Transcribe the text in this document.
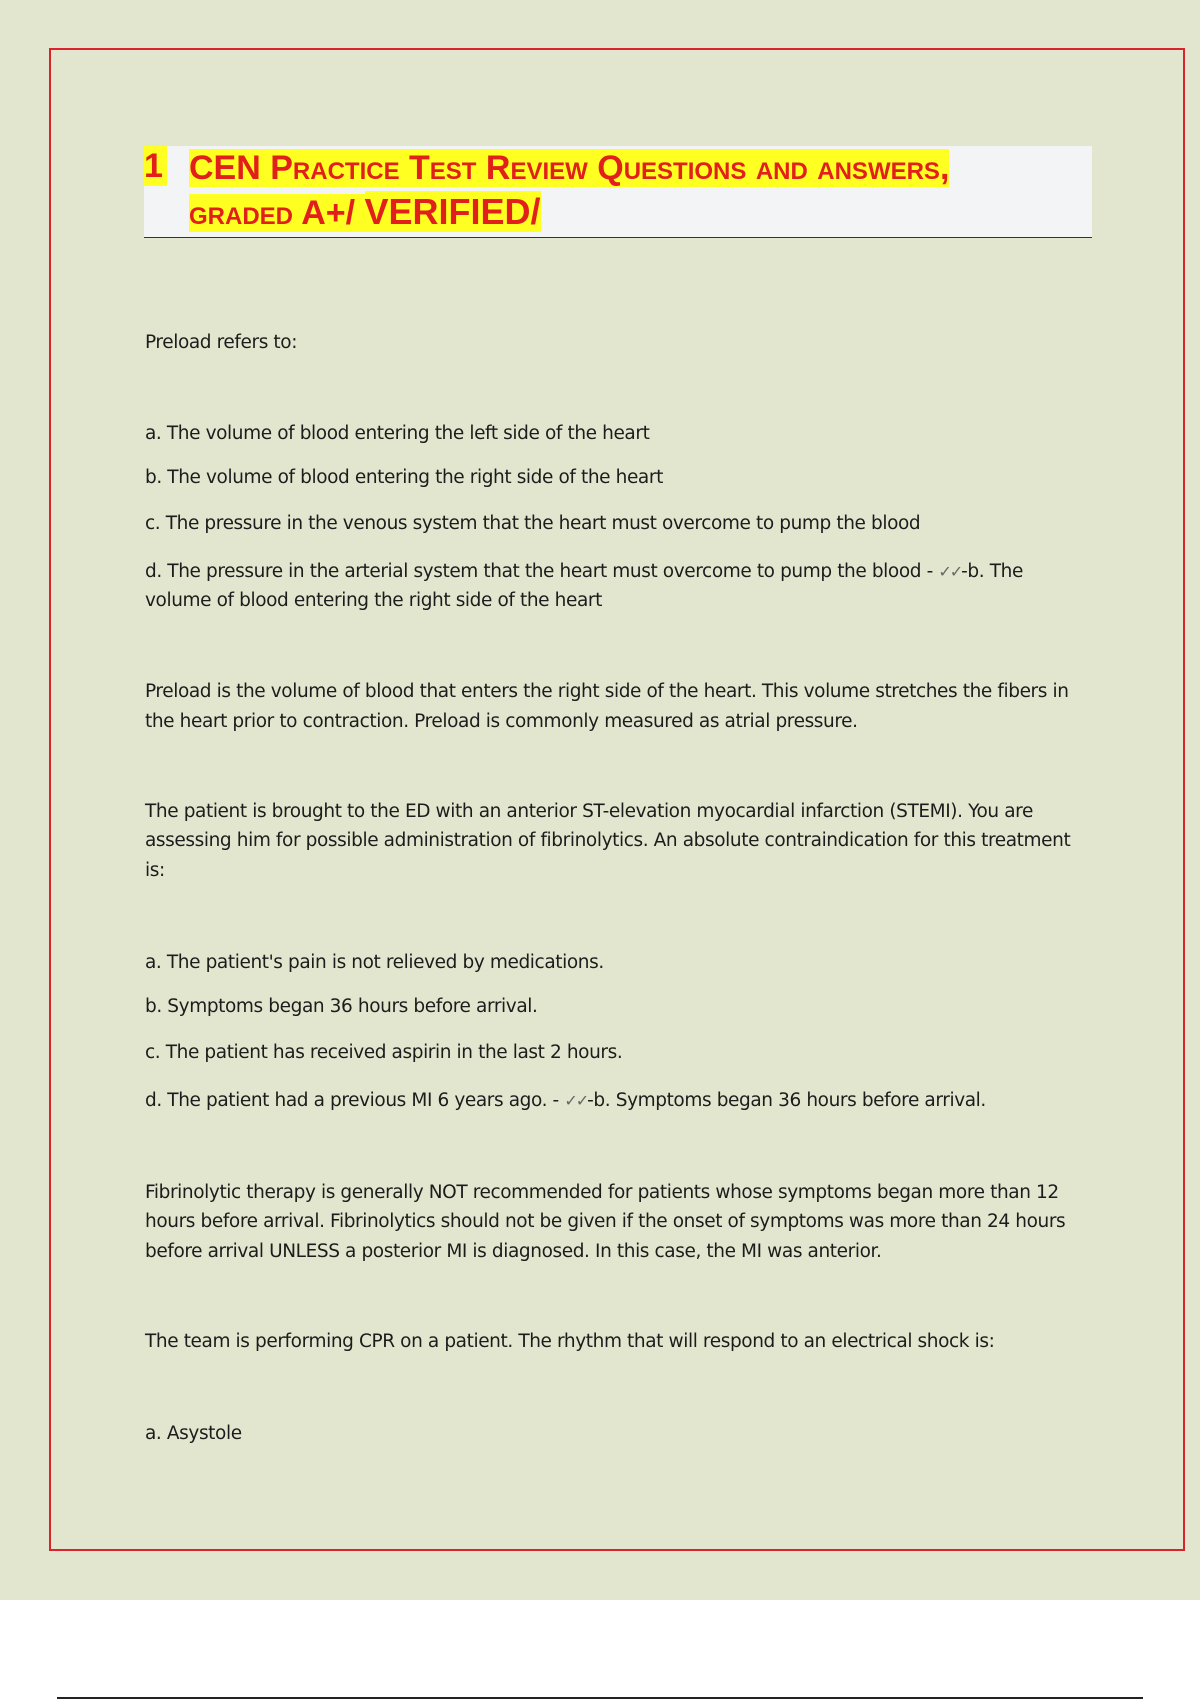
1 CEN Practice Test Review Questions and answers,
graded A+/ VERIFIED/
Preload refers to:
a. The volume of blood entering the left side of the heart
b. The volume of blood entering the right side of the heart
c. The pressure in the venous system that the heart must overcome to pump the blood
d. The pressure in the arterial system that the heart must overcome to pump the blood - ✓✓-b. The
volume of blood entering the right side of the heart
Preload is the volume of blood that enters the right side of the heart. This volume stretches the fibers in
the heart prior to contraction. Preload is commonly measured as atrial pressure.
The patient is brought to the ED with an anterior ST-elevation myocardial infarction (STEMI). You are
assessing him for possible administration of fibrinolytics. An absolute contraindication for this treatment
is:
a. The patient's pain is not relieved by medications.
b. Symptoms began 36 hours before arrival.
c. The patient has received aspirin in the last 2 hours.
d. The patient had a previous MI 6 years ago. - ✓✓-b. Symptoms began 36 hours before arrival.
Fibrinolytic therapy is generally NOT recommended for patients whose symptoms began more than 12
hours before arrival. Fibrinolytics should not be given if the onset of symptoms was more than 24 hours
before arrival UNLESS a posterior MI is diagnosed. In this case, the MI was anterior.
The team is performing CPR on a patient. The rhythm that will respond to an electrical shock is:
a. Asystole
